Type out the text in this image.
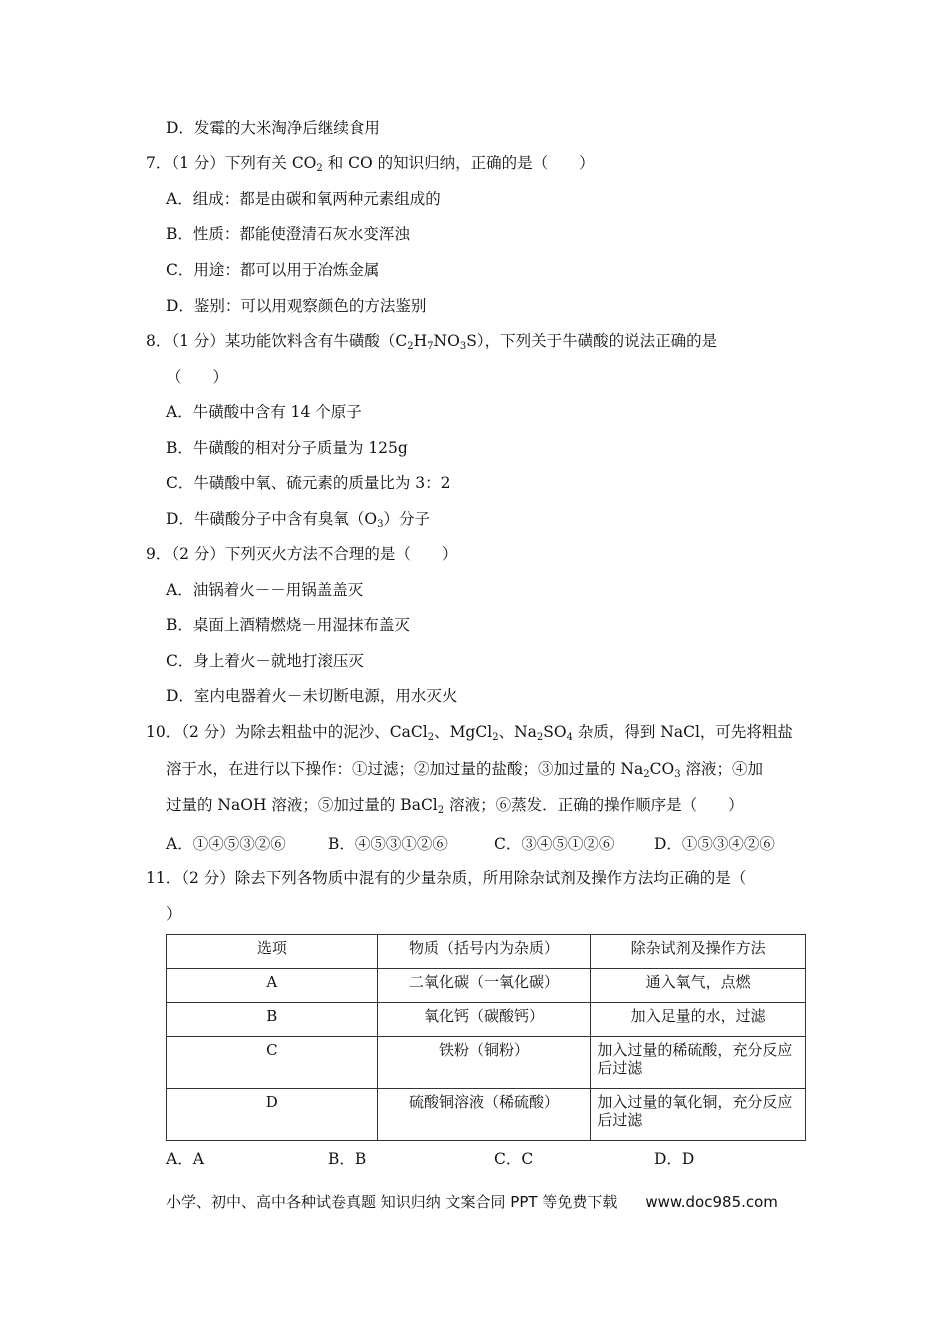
D．发霉的大米淘净后继续食用
7．（1 分）下列有关 $CO_2$ 和 CO 的知识归纳，正确的是（　　）
A．组成：都是由碳和氧两种元素组成的
B．性质：都能使澄清石灰水变浑浊
C．用途：都可以用于冶炼金属
D．鉴别：可以用观察颜色的方法鉴别
8．（1 分）某功能饮料含有牛磺酸$(C_2H_7NO_3S)$，下列关于牛磺酸的说法正确的是
（　　）
A．牛磺酸中含有 14 个原子
B．牛磺酸的相对分子质量为 125g
C．牛磺酸中氧、硫元素的质量比为 3：2
D．牛磺酸分子中含有臭氧$(O_3)$分子
9．（2 分）下列灭火方法不合理的是（　　）
A．油锅着火－－用锅盖盖灭
B．桌面上酒精燃烧－用湿抹布盖灭
C．身上着火－就地打滚压灭
D．室内电器着火－未切断电源，用水灭火
10．（2 分）为除去粗盐中的泥沙、CaCl$_2$、MgCl$_2$、$Na_2SO_4$ 杂质，得到 NaCl，可先将粗盐
溶于水，在进行以下操作：①过滤；②加过量的盐酸；③加过量的 $Na_2CO_3$ 溶液；④加
过量的 NaOH 溶液；⑤加过量的 BaCl$_2$ 溶液；⑥蒸发．正确的操作顺序是（　　）
A．①④⑤③②⑥	B．④⑤③①②⑥	C．③④⑤①②⑥	D．①⑤③④②⑥
11．（2 分）除去下列各物质中混有的少量杂质，所用除杂试剂及操作方法均正确的是（
）
选项	物质（括号内为杂质）	除杂试剂及操作方法
A	二氧化碳（一氧化碳）	通入氧气，点燃
B	氧化钙（碳酸钙）	加入足量的水，过滤
C	铁粉（铜粉）	加入过量的稀硫酸，充分反应后过滤
D	硫酸铜溶液（稀硫酸）	加入过量的氧化铜，充分反应后过滤
A．A	B．B	C．C	D．D
小学、初中、高中各种试卷真题 知识归纳 文案合同 PPT 等免费下载 www.doc985.com
